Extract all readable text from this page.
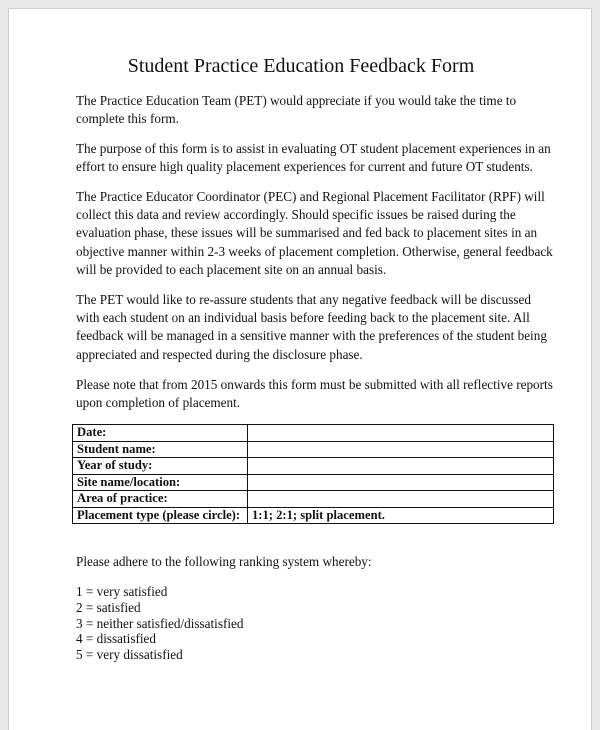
Student Practice Education Feedback Form

The Practice Education Team (PET) would appreciate if you would take the time to complete this form.

The purpose of this form is to assist in evaluating OT student placement experiences in an effort to ensure high quality placement experiences for current and future OT students.

The Practice Educator Coordinator (PEC) and Regional Placement Facilitator (RPF) will collect this data and review accordingly. Should specific issues be raised during the evaluation phase, these issues will be summarised and fed back to placement sites in an objective manner within 2-3 weeks of placement completion. Otherwise, general feedback will be provided to each placement site on an annual basis.

The PET would like to re-assure students that any negative feedback will be discussed with each student on an individual basis before feeding back to the placement site. All feedback will be managed in a sensitive manner with the preferences of the student being appreciated and respected during the disclosure phase.

Please note that from 2015 onwards this form must be submitted with all reflective reports upon completion of placement.

Date:	
Student name:	
Year of study:	
Site name/location:	
Area of practice:	
Placement type (please circle):	1:1; 2:1; split placement.

Please adhere to the following ranking system whereby:

1 = very satisfied
2 = satisfied
3 = neither satisfied/dissatisfied
4 = dissatisfied
5 = very dissatisfied
